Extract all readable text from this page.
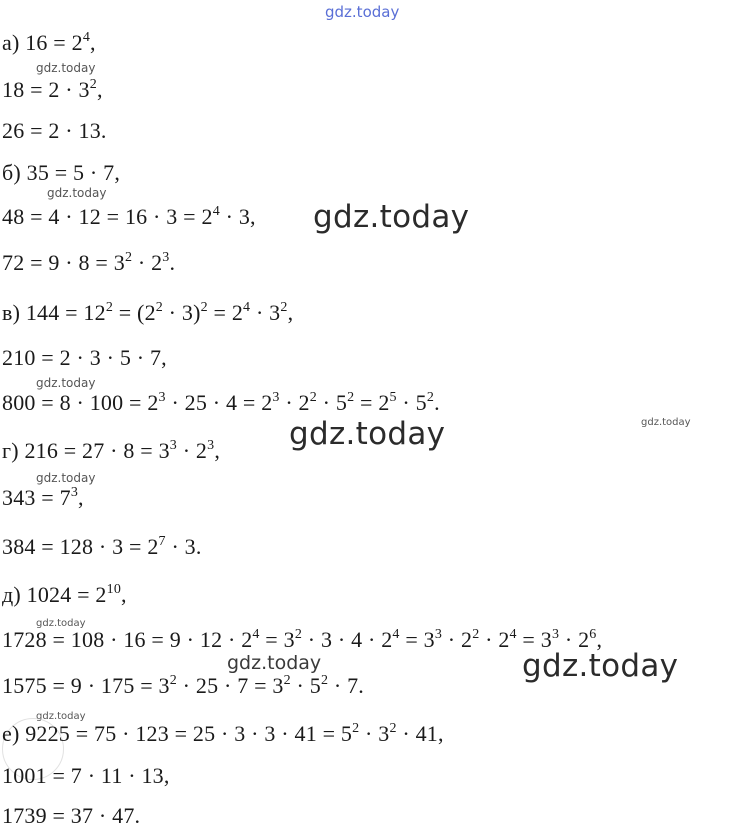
gdz.today
gdz.today
gdz.today
gdz.today
gdz.today
gdz.today	gdz.today
gdz.today
gdz.today
gdz.today
gdz.today
gdz.today
а) $16 = 2^4$,
$18 = 2 \cdot 3^2$,
26 = 2 · 13.
б) 35 = 5 · 7,
$48 = 4 \cdot 12 = 16 \cdot 3 = 2^4 \cdot 3$,
$72 = 9 \cdot 8 = 3^2 \cdot 2^3$.
в) $144 = 12^2 = (2^2 \cdot 3)^2 = 2^4 \cdot 3^2$,
210 = 2 · 3 · 5 · 7,
$800 = 8 \cdot 100 = 2^3 \cdot 25 \cdot 4 = 2^3 \cdot 2^2 \cdot 5^2 = 2^5 \cdot 5^2$.
г) $216 = 27 \cdot 8 = 3^3 \cdot 2^3$,
$343 = 7^3$,
$384 = 128 \cdot 3 = 2^7 \cdot 3$.
д) $1024 = 2^{10}$,
$1728 = 108 \cdot 16 = 9 \cdot 12 \cdot 2^4 = 3^2 \cdot 3 \cdot 4 \cdot 2^4 = 3^3 \cdot 2^2 \cdot 2^4 = 3^3 \cdot 2^6$,
$1575 = 9 \cdot 175 = 3^2 \cdot 25 \cdot 7 = 3^2 \cdot 5^2 \cdot 7$.
е) $9225 = 75 \cdot 123 = 25 \cdot 3 \cdot 3 \cdot 41 = 5^2 \cdot 3^2 \cdot 41$,
1001 = 7 · 11 · 13,
1739 = 37 · 47.
